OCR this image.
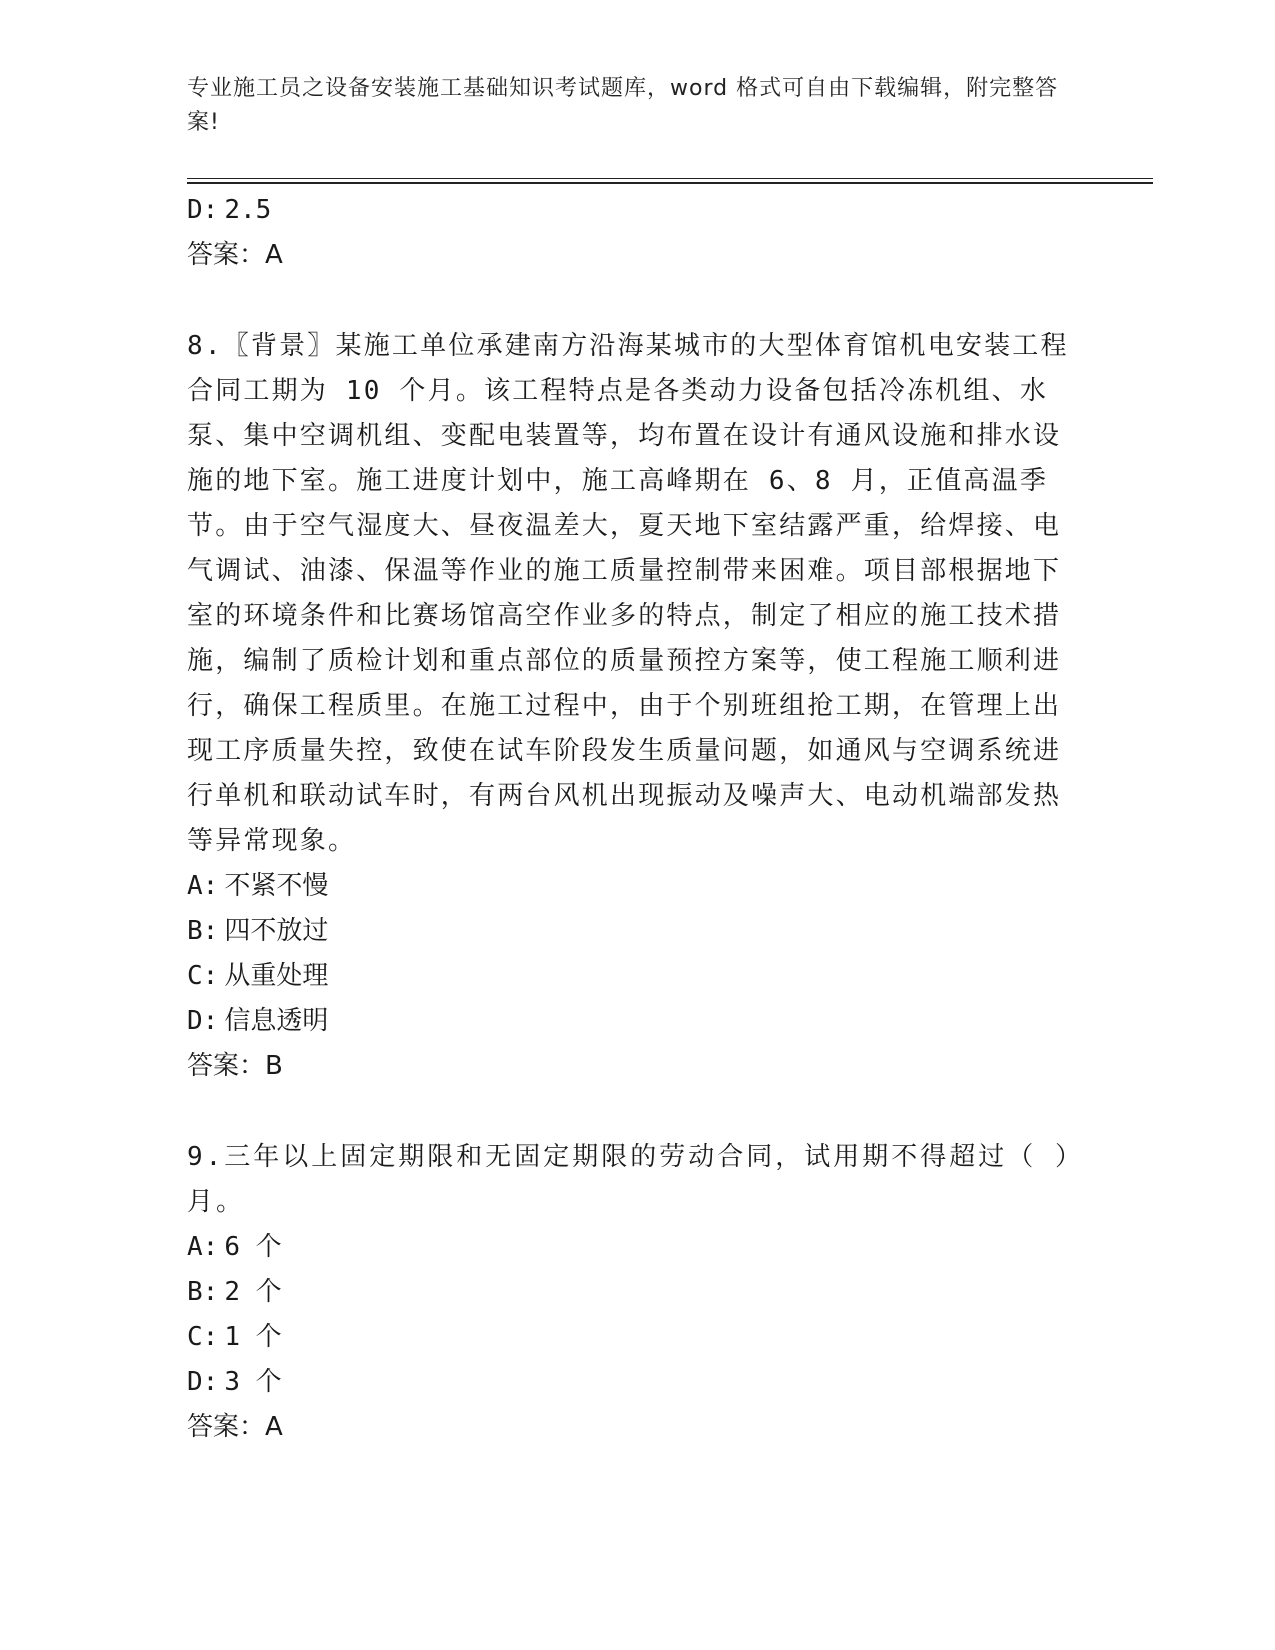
专业施工员之设备安装施工基础知识考试题库，word 格式可自由下载编辑，附完整答案!
D: 2.5
答案：A
8.〖背景〗某施工单位承建南方沿海某城市的大型体育馆机电安装工程合同工期为 10 个月。该工程特点是各类动力设备包括冷冻机组、水泵、集中空调机组、变配电装置等，均布置在设计有通风设施和排水设施的地下室。施工进度计划中，施工高峰期在 6、8 月，正值高温季节。由于空气湿度大、昼夜温差大，夏天地下室结露严重，给焊接、电气调试、油漆、保温等作业的施工质量控制带来困难。项目部根据地下室的环境条件和比赛场馆高空作业多的特点，制定了相应的施工技术措施，编制了质检计划和重点部位的质量预控方案等，使工程施工顺利进行，确保工程质里。在施工过程中，由于个别班组抢工期，在管理上出现工序质量失控，致使在试车阶段发生质量问题，如通风与空调系统进行单机和联动试车时，有两台风机出现振动及噪声大、电动机端部发热等异常现象。
A: 不紧不慢
B: 四不放过
C: 从重处理
D: 信息透明
答案：B
9.三年以上固定期限和无固定期限的劳动合同，试用期不得超过（ ）月。
A: 6 个
B: 2 个
C: 1 个
D: 3 个
答案：A
